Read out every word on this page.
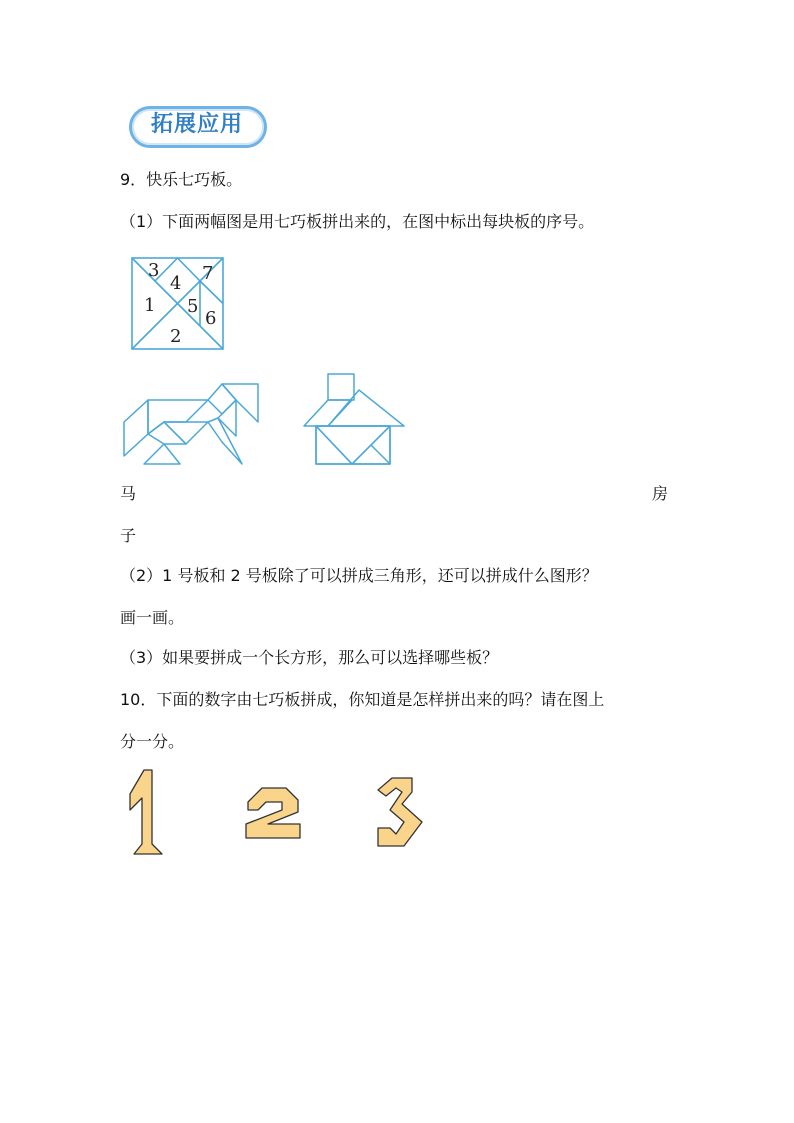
拓展应用
9．快乐七巧板。
（1）下面两幅图是用七巧板拼出来的，在图中标出每块板的序号。
1
2
3
4
5
6
7
马	房
子
（2）1 号板和 2 号板除了可以拼成三角形，还可以拼成什么图形？
画一画。
（3）如果要拼成一个长方形，那么可以选择哪些板？
10．下面的数字由七巧板拼成，你知道是怎样拼出来的吗？请在图上
分一分。
